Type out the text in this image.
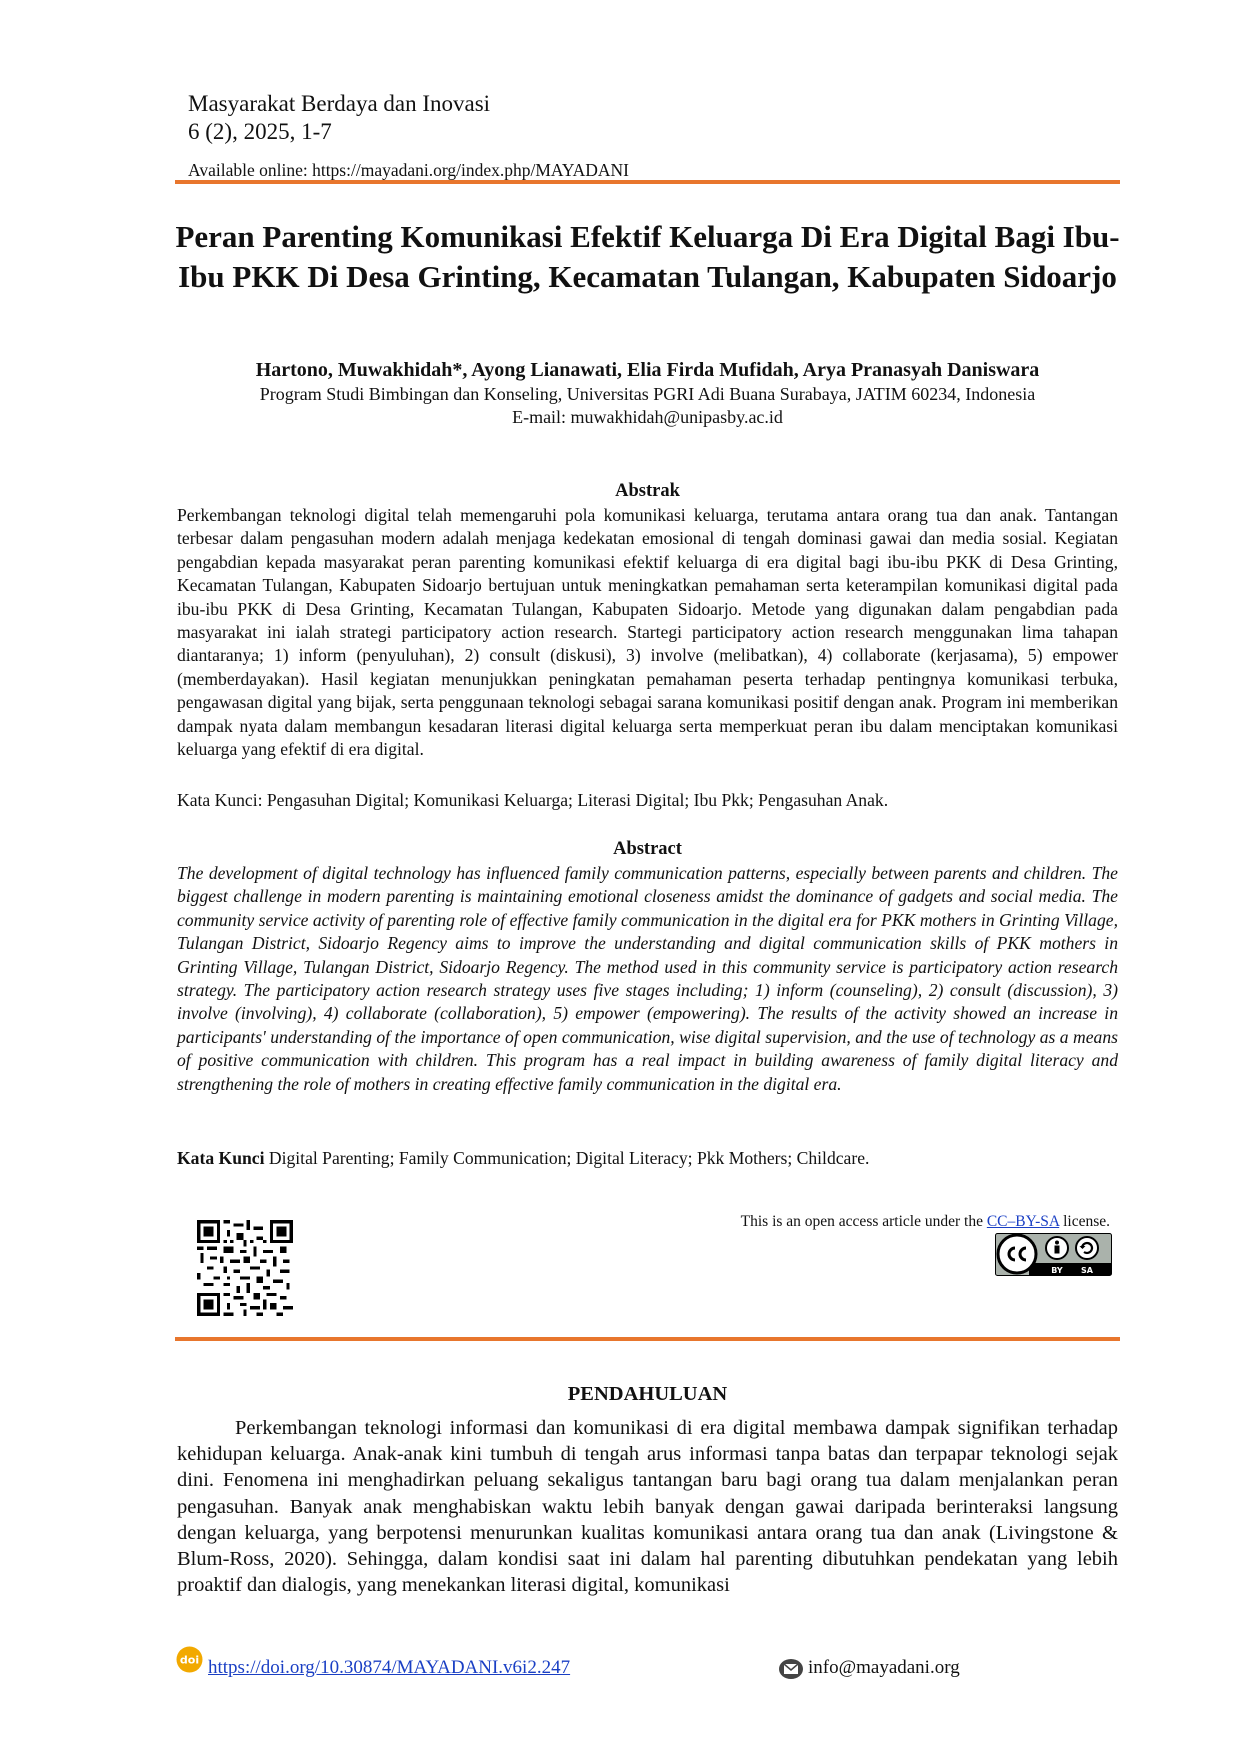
Masyarakat Berdaya dan Inovasi
6 (2), 2025, 1-7
Available online: https://mayadani.org/index.php/MAYADANI
Peran Parenting Komunikasi Efektif Keluarga Di Era Digital Bagi Ibu-Ibu PKK Di Desa Grinting, Kecamatan Tulangan, Kabupaten Sidoarjo
Hartono, Muwakhidah*, Ayong Lianawati, Elia Firda Mufidah, Arya Pranasyah Daniswara
Program Studi Bimbingan dan Konseling, Universitas PGRI Adi Buana Surabaya, JATIM 60234, Indonesia
E-mail: muwakhidah@unipasby.ac.id
Abstrak

Perkembangan teknologi digital telah memengaruhi pola komunikasi keluarga, terutama antara orang tua dan anak. Tantangan terbesar dalam pengasuhan modern adalah menjaga kedekatan emosional di tengah dominasi gawai dan media sosial. Kegiatan pengabdian kepada masyarakat peran parenting komunikasi efektif keluarga di era digital bagi ibu-ibu PKK di Desa Grinting, Kecamatan Tulangan, Kabupaten Sidoarjo bertujuan untuk meningkatkan pemahaman serta keterampilan komunikasi digital pada ibu-ibu PKK di Desa Grinting, Kecamatan Tulangan, Kabupaten Sidoarjo. Metode yang digunakan dalam pengabdian pada masyarakat ini ialah strategi participatory action research. Startegi participatory action research menggunakan lima tahapan diantaranya; 1) inform (penyuluhan), 2) consult (diskusi), 3) involve (melibatkan), 4) collaborate (kerjasama), 5) empower (memberdayakan). Hasil kegiatan menunjukkan peningkatan pemahaman peserta terhadap pentingnya komunikasi terbuka, pengawasan digital yang bijak, serta penggunaan teknologi sebagai sarana komunikasi positif dengan anak. Program ini memberikan dampak nyata dalam membangun kesadaran literasi digital keluarga serta memperkuat peran ibu dalam menciptakan komunikasi keluarga yang efektif di era digital.

Kata Kunci: Pengasuhan Digital; Komunikasi Keluarga; Literasi Digital; Ibu Pkk; Pengasuhan Anak.
Abstract

The development of digital technology has influenced family communication patterns, especially between parents and children. The biggest challenge in modern parenting is maintaining emotional closeness amidst the dominance of gadgets and social media. The community service activity of parenting role of effective family communication in the digital era for PKK mothers in Grinting Village, Tulangan District, Sidoarjo Regency aims to improve the understanding and digital communication skills of PKK mothers in Grinting Village, Tulangan District, Sidoarjo Regency. The method used in this community service is participatory action research strategy. The participatory action research strategy uses five stages including; 1) inform (counseling), 2) consult (discussion), 3) involve (involving), 4) collaborate (collaboration), 5) empower (empowering). The results of the activity showed an increase in participants' understanding of the importance of open communication, wise digital supervision, and the use of technology as a means of positive communication with children. This program has a real impact in building awareness of family digital literacy and strengthening the role of mothers in creating effective family communication in the digital era.

Kata Kunci Digital Parenting; Family Communication; Digital Literacy; Pkk Mothers; Childcare.
This is an open access article under the CC–BY-SA license.
BY SA
PENDAHULUAN

Perkembangan teknologi informasi dan komunikasi di era digital membawa dampak signifikan terhadap kehidupan keluarga. Anak-anak kini tumbuh di tengah arus informasi tanpa batas dan terpapar teknologi sejak dini. Fenomena ini menghadirkan peluang sekaligus tantangan baru bagi orang tua dalam menjalankan peran pengasuhan. Banyak anak menghabiskan waktu lebih banyak dengan gawai daripada berinteraksi langsung dengan keluarga, yang berpotensi menurunkan kualitas komunikasi antara orang tua dan anak (Livingstone & Blum-Ross, 2020). Sehingga, dalam kondisi saat ini dalam hal parenting dibutuhkan pendekatan yang lebih proaktif dan dialogis, yang menekankan literasi digital, komunikasi

doi https://doi.org/10.30874/MAYADANI.v6i2.247	info@mayadani.org
